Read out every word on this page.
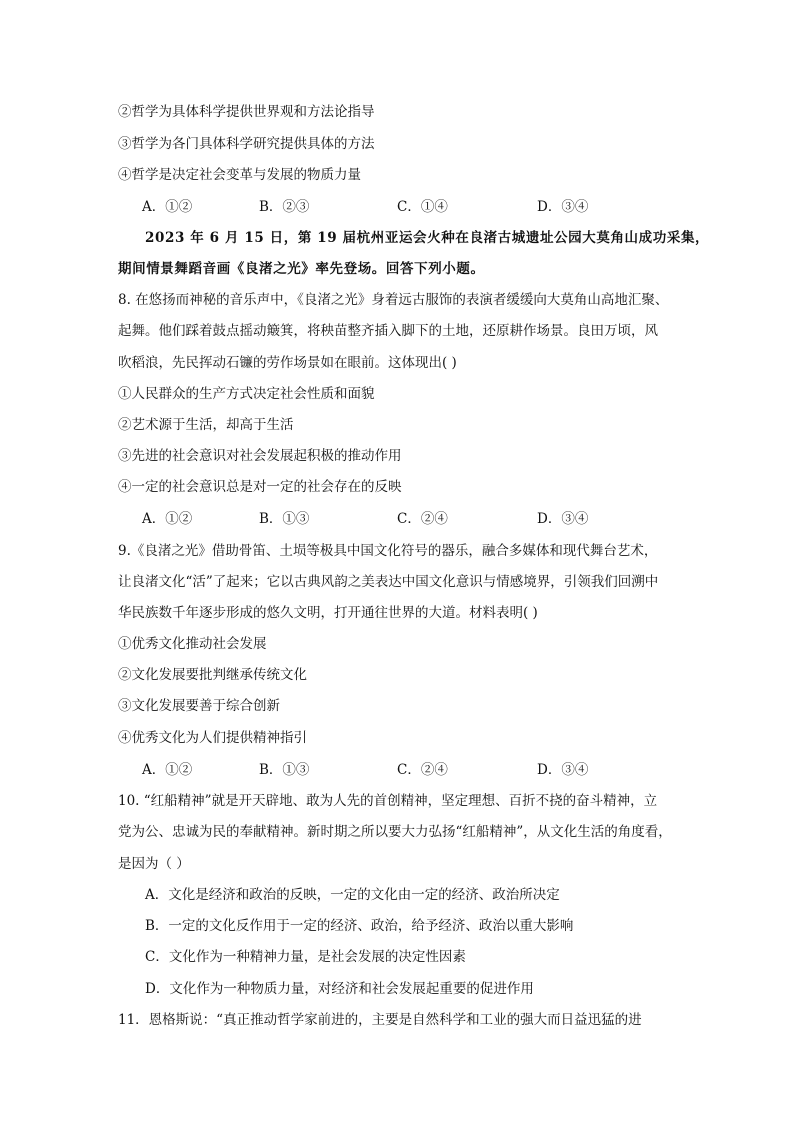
②哲学为具体科学提供世界观和方法论指导
③哲学为各门具体科学研究提供具体的方法
④哲学是决定社会变革与发展的物质力量
A．①②	B．②③	C．①④	D．③④
2023 年 6 月 15 日，第 19 届杭州亚运会火种在良渚古城遗址公园大莫角山成功采集，
期间情景舞蹈音画《良渚之光》率先登场。回答下列小题。
8. 在悠扬而神秘的音乐声中，《良渚之光》身着远古服饰的表演者缓缓向大莫角山高地汇聚、
起舞。他们踩着鼓点摇动簸箕，将秧苗整齐插入脚下的土地，还原耕作场景。良田万顷，风
吹稻浪，先民挥动石镰的劳作场景如在眼前。这体现出( )
①人民群众的生产方式决定社会性质和面貌
②艺术源于生活，却高于生活
③先进的社会意识对社会发展起积极的推动作用
④一定的社会意识总是对一定的社会存在的反映
A．①②	B．①③	C．②④	D．③④
9.《良渚之光》借助骨笛、土埙等极具中国文化符号的器乐，融合多媒体和现代舞台艺术，
让良渚文化“活”了起来；它以古典风韵之美表达中国文化意识与情感境界，引领我们回溯中
华民族数千年逐步形成的悠久文明，打开通往世界的大道。材料表明( )
①优秀文化推动社会发展
②文化发展要批判继承传统文化
③文化发展要善于综合创新
④优秀文化为人们提供精神指引
A．①②	B．①③	C．②④	D．③④
10. “红船精神”就是开天辟地、敢为人先的首创精神，坚定理想、百折不挠的奋斗精神，立
党为公、忠诚为民的奉献精神。新时期之所以要大力弘扬“红船精神”，从文化生活的角度看，
是因为（ ）
A．文化是经济和政治的反映，一定的文化由一定的经济、政治所决定
B．一定的文化反作用于一定的经济、政治，给予经济、政治以重大影响
C．文化作为一种精神力量，是社会发展的决定性因素
D．文化作为一种物质力量，对经济和社会发展起重要的促进作用
11．恩格斯说：“真正推动哲学家前进的，主要是自然科学和工业的强大而日益迅猛的进
